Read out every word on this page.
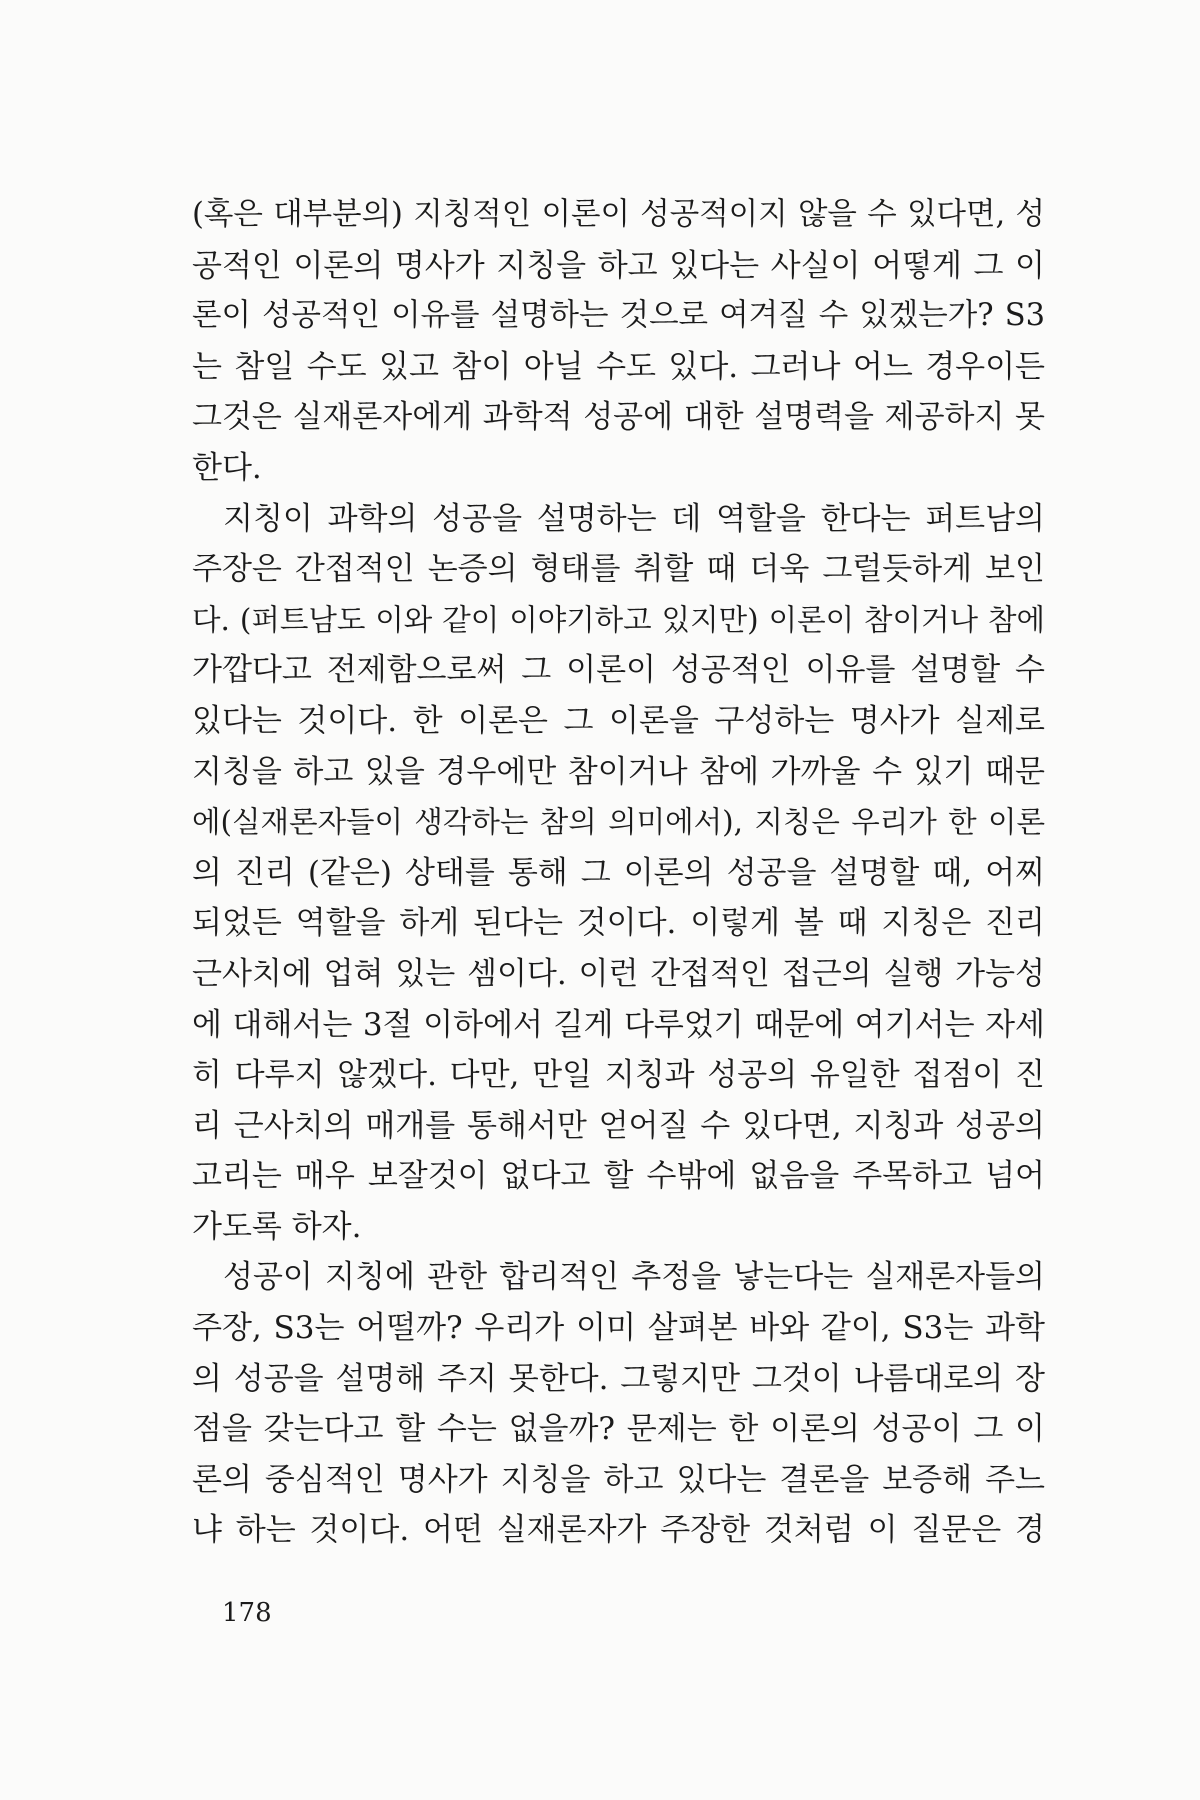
(혹은 대부분의) 지칭적인 이론이 성공적이지 않을 수 있다면, 성
공적인 이론의 명사가 지칭을 하고 있다는 사실이 어떻게 그 이
론이 성공적인 이유를 설명하는 것으로 여겨질 수 있겠는가? S3
는 참일 수도 있고 참이 아닐 수도 있다. 그러나 어느 경우이든
그것은 실재론자에게 과학적 성공에 대한 설명력을 제공하지 못
한다.
지칭이 과학의 성공을 설명하는 데 역할을 한다는 퍼트남의
주장은 간접적인 논증의 형태를 취할 때 더욱 그럴듯하게 보인
다. (퍼트남도 이와 같이 이야기하고 있지만) 이론이 참이거나 참에
가깝다고 전제함으로써 그 이론이 성공적인 이유를 설명할 수
있다는 것이다. 한 이론은 그 이론을 구성하는 명사가 실제로
지칭을 하고 있을 경우에만 참이거나 참에 가까울 수 있기 때문
에(실재론자들이 생각하는 참의 의미에서), 지칭은 우리가 한 이론
의 진리 (같은) 상태를 통해 그 이론의 성공을 설명할 때, 어찌
되었든 역할을 하게 된다는 것이다. 이렇게 볼 때 지칭은 진리
근사치에 업혀 있는 셈이다. 이런 간접적인 접근의 실행 가능성
에 대해서는 3절 이하에서 길게 다루었기 때문에 여기서는 자세
히 다루지 않겠다. 다만, 만일 지칭과 성공의 유일한 접점이 진
리 근사치의 매개를 통해서만 얻어질 수 있다면, 지칭과 성공의
고리는 매우 보잘것이 없다고 할 수밖에 없음을 주목하고 넘어
가도록 하자.
성공이 지칭에 관한 합리적인 추정을 낳는다는 실재론자들의
주장, S3는 어떨까? 우리가 이미 살펴본 바와 같이, S3는 과학
의 성공을 설명해 주지 못한다. 그렇지만 그것이 나름대로의 장
점을 갖는다고 할 수는 없을까? 문제는 한 이론의 성공이 그 이
론의 중심적인 명사가 지칭을 하고 있다는 결론을 보증해 주느
냐 하는 것이다. 어떤 실재론자가 주장한 것처럼 이 질문은 경
178
